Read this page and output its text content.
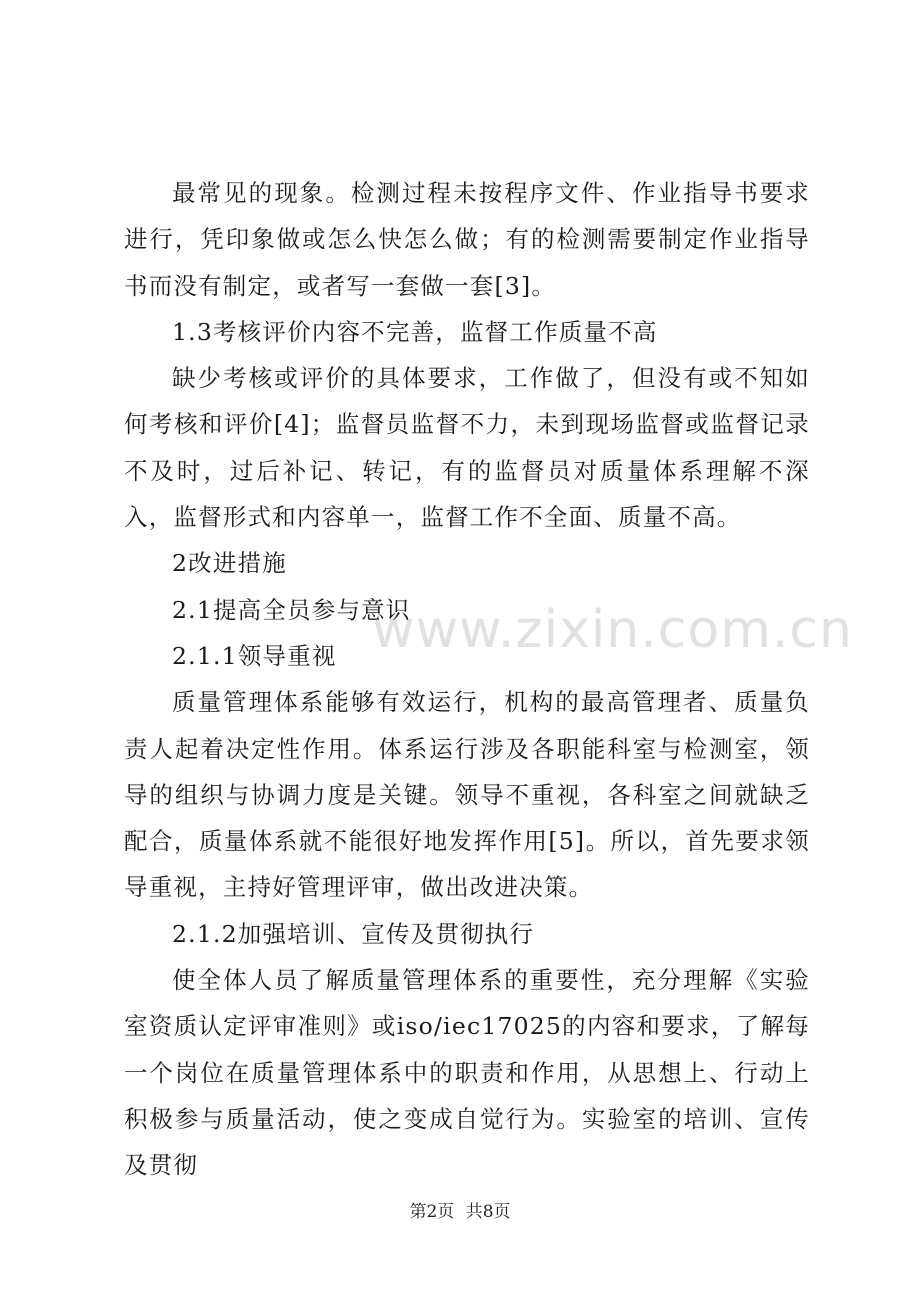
最常见的现象。检测过程未按程序文件、作业指导书要求进行，凭印象做或怎么快怎么做；有的检测需要制定作业指导书而没有制定，或者写一套做一套[3]。

1.3考核评价内容不完善，监督工作质量不高

缺少考核或评价的具体要求，工作做了，但没有或不知如何考核和评价[4]；监督员监督不力，未到现场监督或监督记录不及时，过后补记、转记，有的监督员对质量体系理解不深入，监督形式和内容单一，监督工作不全面、质量不高。

2改进措施

2.1提高全员参与意识

2.1.1领导重视

质量管理体系能够有效运行，机构的最高管理者、质量负责人起着决定性作用。体系运行涉及各职能科室与检测室，领导的组织与协调力度是关键。领导不重视，各科室之间就缺乏配合，质量体系就不能很好地发挥作用[5]。所以，首先要求领导重视，主持好管理评审，做出改进决策。

2.1.2加强培训、宣传及贯彻执行

使全体人员了解质量管理体系的重要性，充分理解《实验室资质认定评审准则》或iso/iec17025的内容和要求，了解每一个岗位在质量管理体系中的职责和作用，从思想上、行动上积极参与质量活动，使之变成自觉行为。实验室的培训、宣传及贯彻

www.zixin.com.cn
第2页 共8页
